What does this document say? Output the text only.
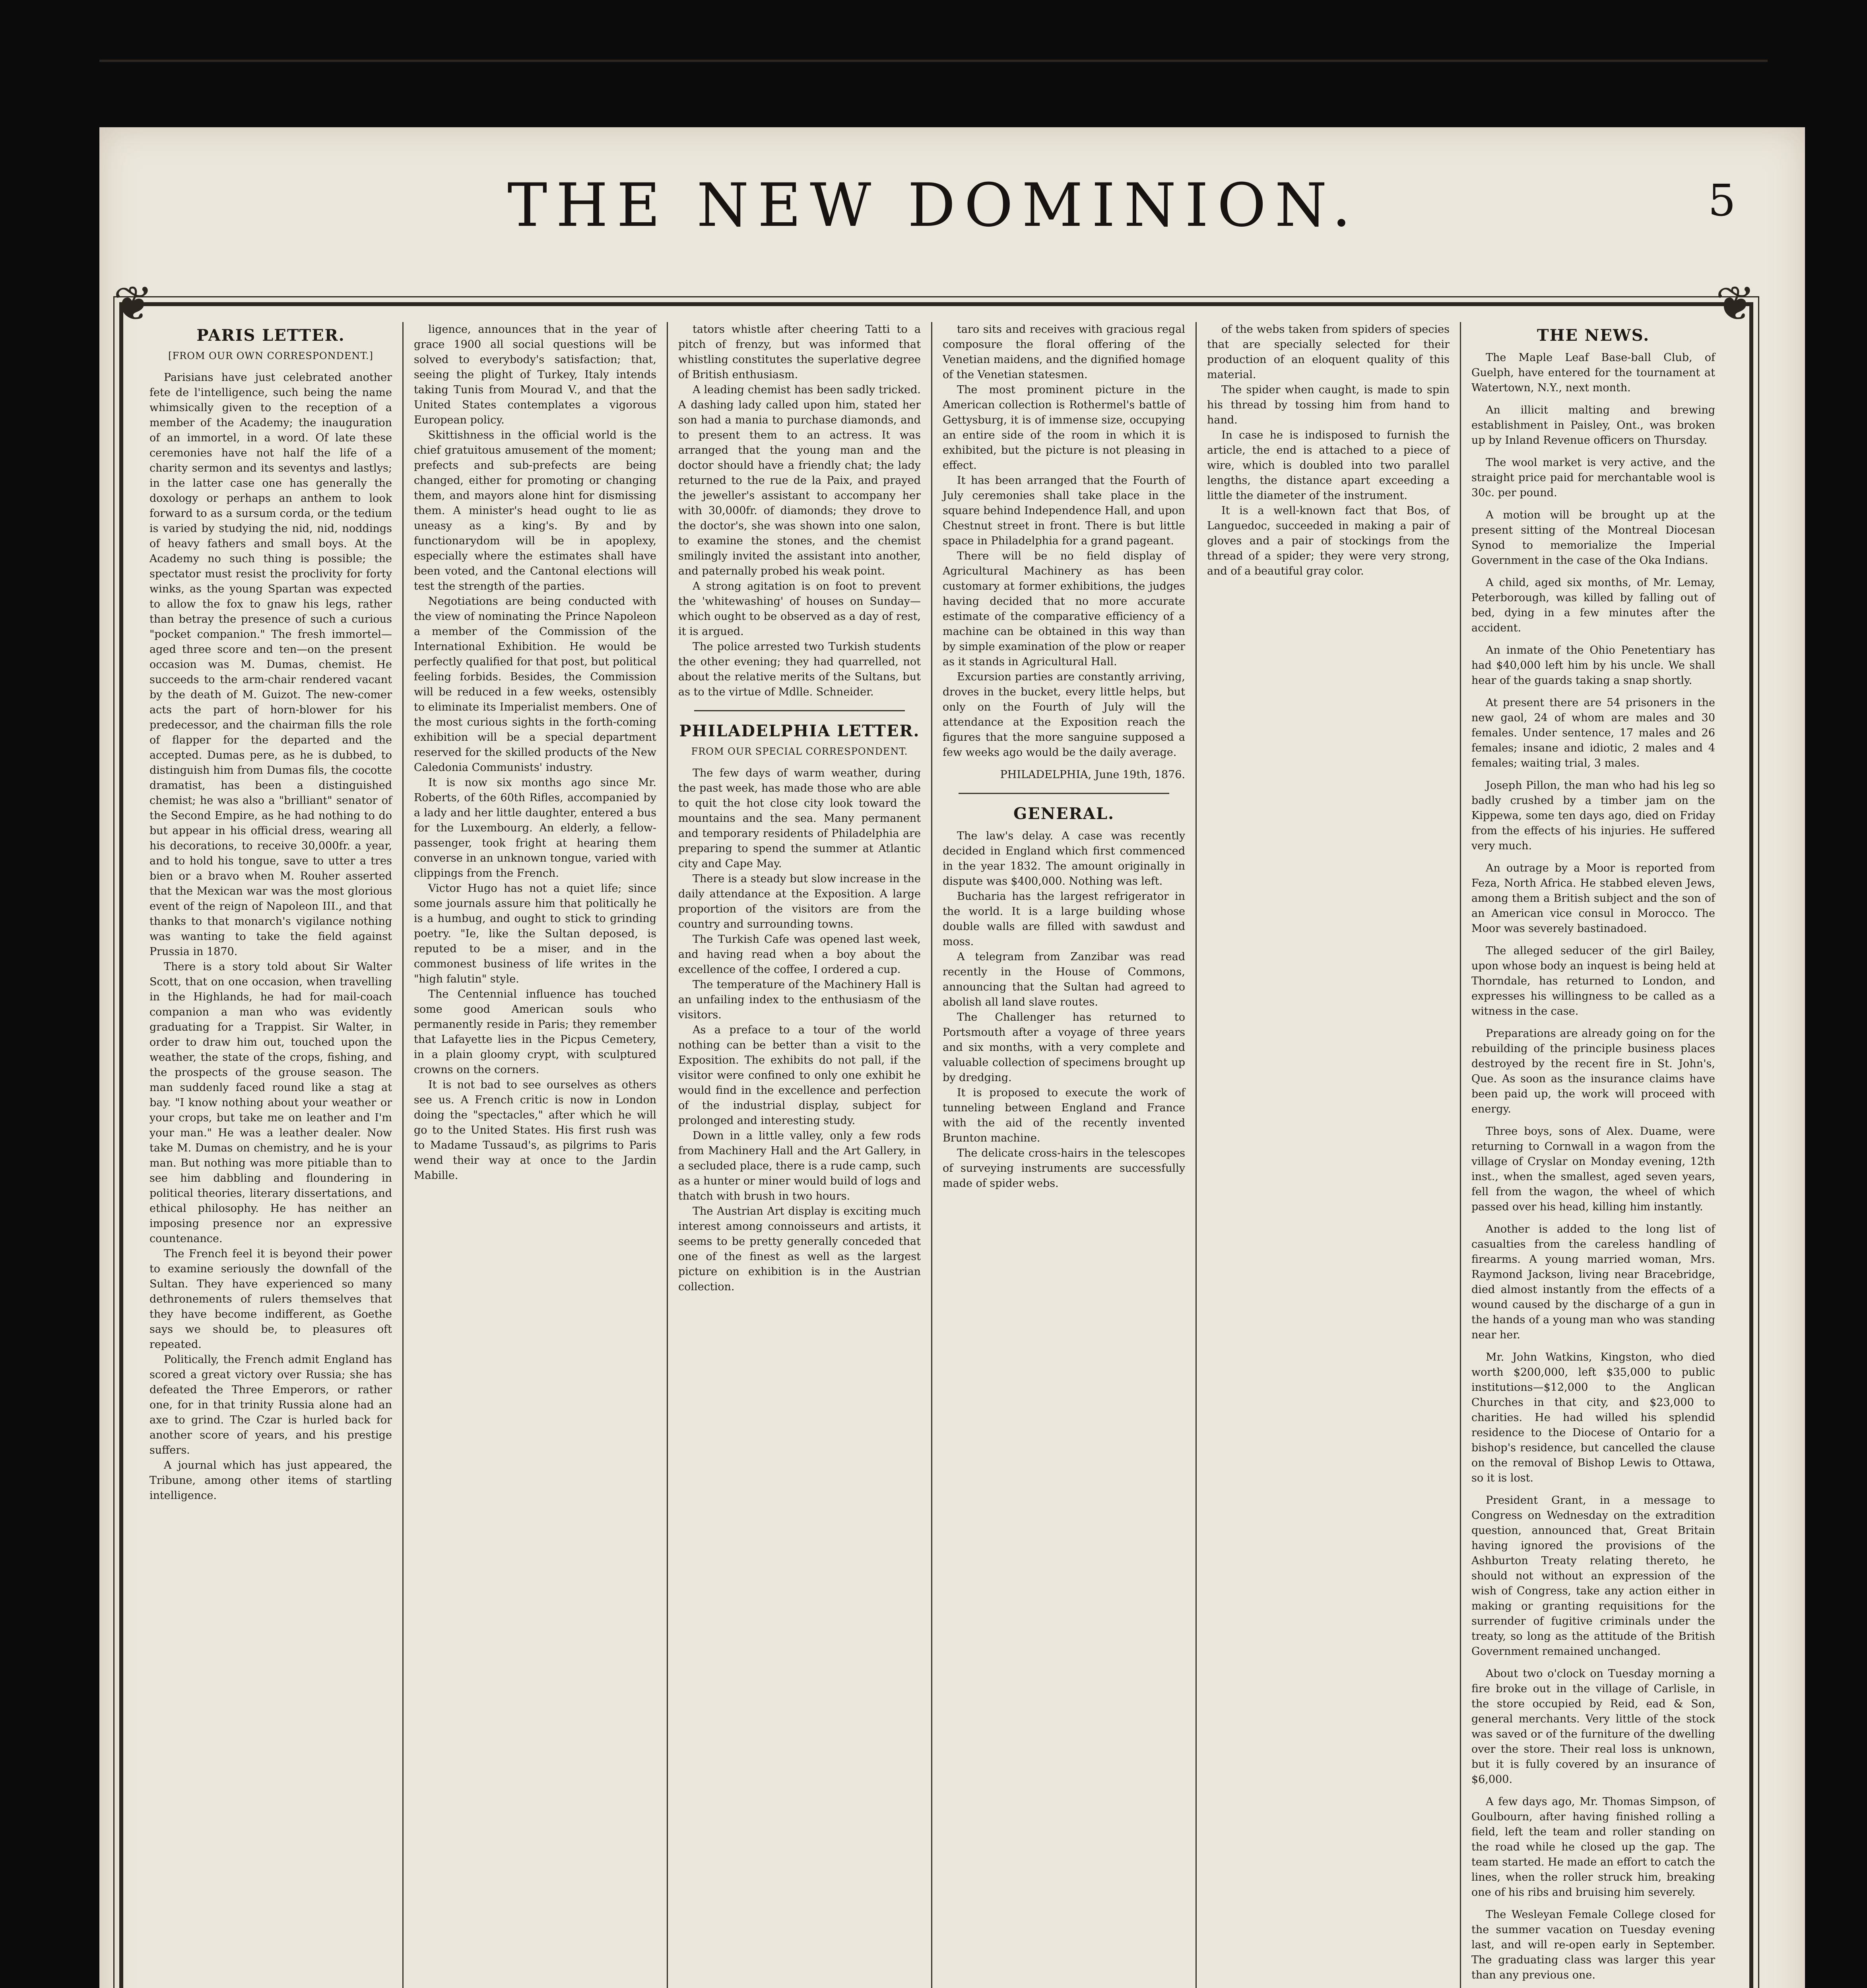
THE NEW DOMINION.	5
❦	❦
PARIS LETTER.
[FROM OUR OWN CORRESPONDENT.]

Parisians have just celebrated another fete de l'intelligence, such being the name whimsically given to the reception of a member of the Academy; the inauguration of an immortel, in a word. Of late these ceremonies have not half the life of a charity sermon and its seventys and lastlys; in the latter case one has generally the doxology or perhaps an anthem to look forward to as a sursum corda, or the tedium is varied by studying the nid, nid, noddings of heavy fathers and small boys. At the Academy no such thing is possible; the spectator must resist the proclivity for forty winks, as the young Spartan was expected to allow the fox to gnaw his legs, rather than betray the presence of such a curious "pocket companion." The fresh immortel—aged three score and ten—on the present occasion was M. Dumas, chemist. He succeeds to the arm-chair rendered vacant by the death of M. Guizot. The new-comer acts the part of horn-blower for his predecessor, and the chairman fills the role of flapper for the departed and the accepted. Dumas pere, as he is dubbed, to distinguish him from Dumas fils, the cocotte dramatist, has been a distinguished chemist; he was also a "brilliant" senator of the Second Empire, as he had nothing to do but appear in his official dress, wearing all his decorations, to receive 30,000fr. a year, and to hold his tongue, save to utter a tres bien or a bravo when M. Rouher asserted that the Mexican war was the most glorious event of the reign of Napoleon III., and that thanks to that monarch's vigilance nothing was wanting to take the field against Prussia in 1870.

There is a story told about Sir Walter Scott, that on one occasion, when travelling in the Highlands, he had for mail-coach companion a man who was evidently graduating for a Trappist. Sir Walter, in order to draw him out, touched upon the weather, the state of the crops, fishing, and the prospects of the grouse season. The man suddenly faced round like a stag at bay. "I know nothing about your weather or your crops, but take me on leather and I'm your man." He was a leather dealer. Now take M. Dumas on chemistry, and he is your man. But nothing was more pitiable than to see him dabbling and floundering in political theories, literary dissertations, and ethical philosophy. He has neither an imposing presence nor an expressive countenance.

The French feel it is beyond their power to examine seriously the downfall of the Sultan. They have experienced so many dethronements of rulers themselves that they have become indifferent, as Goethe says we should be, to pleasures oft repeated.

Politically, the French admit England has scored a great victory over Russia; she has defeated the Three Emperors, or rather one, for in that trinity Russia alone had an axe to grind. The Czar is hurled back for another score of years, and his prestige suffers.

A journal which has just appeared, the Tribune, among other items of startling intelligence.

ligence, announces that in the year of grace 1900 all social questions will be solved to everybody's satisfaction; that, seeing the plight of Turkey, Italy intends taking Tunis from Mourad V., and that the United States contemplates a vigorous European policy.

Skittishness in the official world is the chief gratuitous amusement of the moment; prefects and sub-prefects are being changed, either for promoting or changing them, and mayors alone hint for dismissing them. A minister's head ought to lie as uneasy as a king's. By and by functionarydom will be in apoplexy, especially where the estimates shall have been voted, and the Cantonal elections will test the strength of the parties.

Negotiations are being conducted with the view of nominating the Prince Napoleon a member of the Commission of the International Exhibition. He would be perfectly qualified for that post, but political feeling forbids. Besides, the Commission will be reduced in a few weeks, ostensibly to eliminate its Imperialist members. One of the most curious sights in the forth-coming exhibition will be a special department reserved for the skilled products of the New Caledonia Communists' industry.

It is now six months ago since Mr. Roberts, of the 60th Rifles, accompanied by a lady and her little daughter, entered a bus for the Luxembourg. An elderly, a fellow-passenger, took fright at hearing them converse in an unknown tongue, varied with clippings from the French.

Victor Hugo has not a quiet life; since some journals assure him that politically he is a humbug, and ought to stick to grinding poetry. "Ie, like the Sultan deposed, is reputed to be a miser, and in the commonest business of life writes in the "high falutin" style.

The Centennial influence has touched some good American souls who permanently reside in Paris; they remember that Lafayette lies in the Picpus Cemetery, in a plain gloomy crypt, with sculptured crowns on the corners.

It is not bad to see ourselves as others see us. A French critic is now in London doing the "spectacles," after which he will go to the United States. His first rush was to Madame Tussaud's, as pilgrims to Paris wend their way at once to the Jardin Mabille.

tators whistle after cheering Tatti to a pitch of frenzy, but was informed that whistling constitutes the superlative degree of British enthusiasm.

A leading chemist has been sadly tricked. A dashing lady called upon him, stated her son had a mania to purchase diamonds, and to present them to an actress. It was arranged that the young man and the doctor should have a friendly chat; the lady returned to the rue de la Paix, and prayed the jeweller's assistant to accompany her with 30,000fr. of diamonds; they drove to the doctor's, she was shown into one salon, to examine the stones, and the chemist smilingly invited the assistant into another, and paternally probed his weak point.

A strong agitation is on foot to prevent the 'whitewashing' of houses on Sunday—which ought to be observed as a day of rest, it is argued.

The police arrested two Turkish students the other evening; they had quarrelled, not about the relative merits of the Sultans, but as to the virtue of Mdlle. Schneider.

PHILADELPHIA LETTER.
FROM OUR SPECIAL CORRESPONDENT.

The few days of warm weather, during the past week, has made those who are able to quit the hot close city look toward the mountains and the sea. Many permanent and temporary residents of Philadelphia are preparing to spend the summer at Atlantic city and Cape May.

There is a steady but slow increase in the daily attendance at the Exposition. A large proportion of the visitors are from the country and surrounding towns.

The Turkish Cafe was opened last week, and having read when a boy about the excellence of the coffee, I ordered a cup.

The temperature of the Machinery Hall is an unfailing index to the enthusiasm of the visitors.

As a preface to a tour of the world nothing can be better than a visit to the Exposition. The exhibits do not pall, if the visitor were confined to only one exhibit he would find in the excellence and perfection of the industrial display, subject for prolonged and interesting study.

Down in a little valley, only a few rods from Machinery Hall and the Art Gallery, in a secluded place, there is a rude camp, such as a hunter or miner would build of logs and thatch with brush in two hours.

The Austrian Art display is exciting much interest among connoisseurs and artists, it seems to be pretty generally conceded that one of the finest as well as the largest picture on exhibition is in the Austrian collection.

taro sits and receives with gracious regal composure the floral offering of the Venetian maidens, and the dignified homage of the Venetian statesmen.

The most prominent picture in the American collection is Rothermel's battle of Gettysburg, it is of immense size, occupying an entire side of the room in which it is exhibited, but the picture is not pleasing in effect.

It has been arranged that the Fourth of July ceremonies shall take place in the square behind Independence Hall, and upon Chestnut street in front. There is but little space in Philadelphia for a grand pageant.

There will be no field display of Agricultural Machinery as has been customary at former exhibitions, the judges having decided that no more accurate estimate of the comparative efficiency of a machine can be obtained in this way than by simple examination of the plow or reaper as it stands in Agricultural Hall.

Excursion parties are constantly arriving, droves in the bucket, every little helps, but only on the Fourth of July will the attendance at the Exposition reach the figures that the more sanguine supposed a few weeks ago would be the daily average.

PHILADELPHIA, June 19th, 1876.
GENERAL.

The law's delay. A case was recently decided in England which first commenced in the year 1832. The amount originally in dispute was $400,000. Nothing was left.

Bucharia has the largest refrigerator in the world. It is a large building whose double walls are filled with sawdust and moss.

A telegram from Zanzibar was read recently in the House of Commons, announcing that the Sultan had agreed to abolish all land slave routes.

The Challenger has returned to Portsmouth after a voyage of three years and six months, with a very complete and valuable collection of specimens brought up by dredging.

It is proposed to execute the work of tunneling between England and France with the aid of the recently invented Brunton machine.

The delicate cross-hairs in the telescopes of surveying instruments are successfully made of spider webs.

of the webs taken from spiders of species that are specially selected for their production of an eloquent quality of this material.

The spider when caught, is made to spin his thread by tossing him from hand to hand.

In case he is indisposed to furnish the article, the end is attached to a piece of wire, which is doubled into two parallel lengths, the distance apart exceeding a little the diameter of the instrument.

It is a well-known fact that Bos, of Languedoc, succeeded in making a pair of gloves and a pair of stockings from the thread of a spider; they were very strong, and of a beautiful gray color.

THE NEWS.

The Maple Leaf Base-ball Club, of Guelph, have entered for the tournament at Watertown, N.Y., next month.

An illicit malting and brewing establishment in Paisley, Ont., was broken up by Inland Revenue officers on Thursday.

The wool market is very active, and the straight price paid for merchantable wool is 30c. per pound.

A motion will be brought up at the present sitting of the Montreal Diocesan Synod to memorialize the Imperial Government in the case of the Oka Indians.

A child, aged six months, of Mr. Lemay, Peterborough, was killed by falling out of bed, dying in a few minutes after the accident.

An inmate of the Ohio Penetentiary has had $40,000 left him by his uncle. We shall hear of the guards taking a snap shortly.

At present there are 54 prisoners in the new gaol, 24 of whom are males and 30 females. Under sentence, 17 males and 26 females; insane and idiotic, 2 males and 4 females; waiting trial, 3 males.

Joseph Pillon, the man who had his leg so badly crushed by a timber jam on the Kippewa, some ten days ago, died on Friday from the effects of his injuries. He suffered very much.

An outrage by a Moor is reported from Feza, North Africa. He stabbed eleven Jews, among them a British subject and the son of an American vice consul in Morocco. The Moor was severely bastinadoed.

The alleged seducer of the girl Bailey, upon whose body an inquest is being held at Thorndale, has returned to London, and expresses his willingness to be called as a witness in the case.

Preparations are already going on for the rebuilding of the principle business places destroyed by the recent fire in St. John's, Que. As soon as the insurance claims have been paid up, the work will proceed with energy.

Three boys, sons of Alex. Duame, were returning to Cornwall in a wagon from the village of Cryslar on Monday evening, 12th inst., when the smallest, aged seven years, fell from the wagon, the wheel of which passed over his head, killing him instantly.

Another is added to the long list of casualties from the careless handling of firearms. A young married woman, Mrs. Raymond Jackson, living near Bracebridge, died almost instantly from the effects of a wound caused by the discharge of a gun in the hands of a young man who was standing near her.

Mr. John Watkins, Kingston, who died worth $200,000, left $35,000 to public institutions—$12,000 to the Anglican Churches in that city, and $23,000 to charities. He had willed his splendid residence to the Diocese of Ontario for a bishop's residence, but cancelled the clause on the removal of Bishop Lewis to Ottawa, so it is lost.

President Grant, in a message to Congress on Wednesday on the extradition question, announced that, Great Britain having ignored the provisions of the Ashburton Treaty relating thereto, he should not without an expression of the wish of Congress, take any action either in making or granting requisitions for the surrender of fugitive criminals under the treaty, so long as the attitude of the British Government remained unchanged.

About two o'clock on Tuesday morning a fire broke out in the village of Carlisle, in the store occupied by Reid, ead & Son, general merchants. Very little of the stock was saved or of the furniture of the dwelling over the store. Their real loss is unknown, but it is fully covered by an insurance of $6,000.

A few days ago, Mr. Thomas Simpson, of Goulbourn, after having finished rolling a field, left the team and roller standing on the road while he closed up the gap. The team started. He made an effort to catch the lines, when the roller struck him, breaking one of his ribs and bruising him severely.

The Wesleyan Female College closed for the summer vacation on Tuesday evening last, and will re-open early in September. The graduating class was larger this year than any previous one.
